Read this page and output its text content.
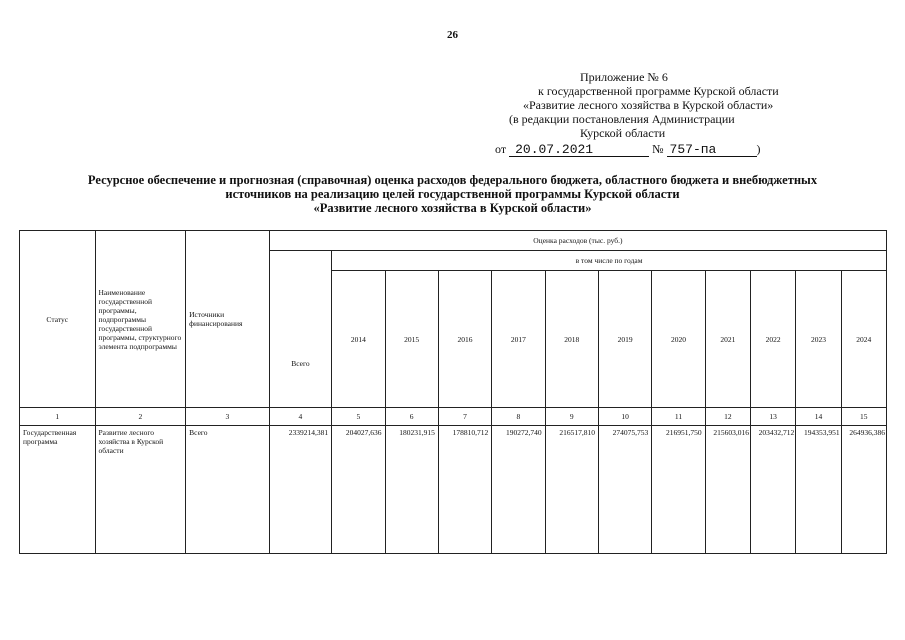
26
Приложение № 6
к государственной программе Курской области
«Развитие лесного хозяйства в Курской области»
(в редакции постановления Администрации
Курской области
от 20.07.2021	№ 757-па	)
Ресурсное обеспечение и прогнозная (справочная) оценка расходов федерального бюджета, областного бюджета и внебюджетных
источников на реализацию целей государственной программы Курской области
«Развитие лесного хозяйства в Курской области»
Статус	Наименование государственной программы, подпрограммы государственной программы, структурного элемента подпрограммы	Источники финансирования	Оценка расходов (тыс. руб.)											
			Всего	в том числе по годам										
				2014	2015	2016	2017	2018	2019	2020	2021	2022	2023	2024
1	2	3	4	5	6	7	8	9	10	11	12	13	14	15
Государственная программа	Развитие лесного хозяйства в Курской области	Всего	2339214,381	204027,636	180231,915	178810,712	190272,740	216517,810	274075,753	216951,750	215603,016	203432,712	194353,951	264936,386
